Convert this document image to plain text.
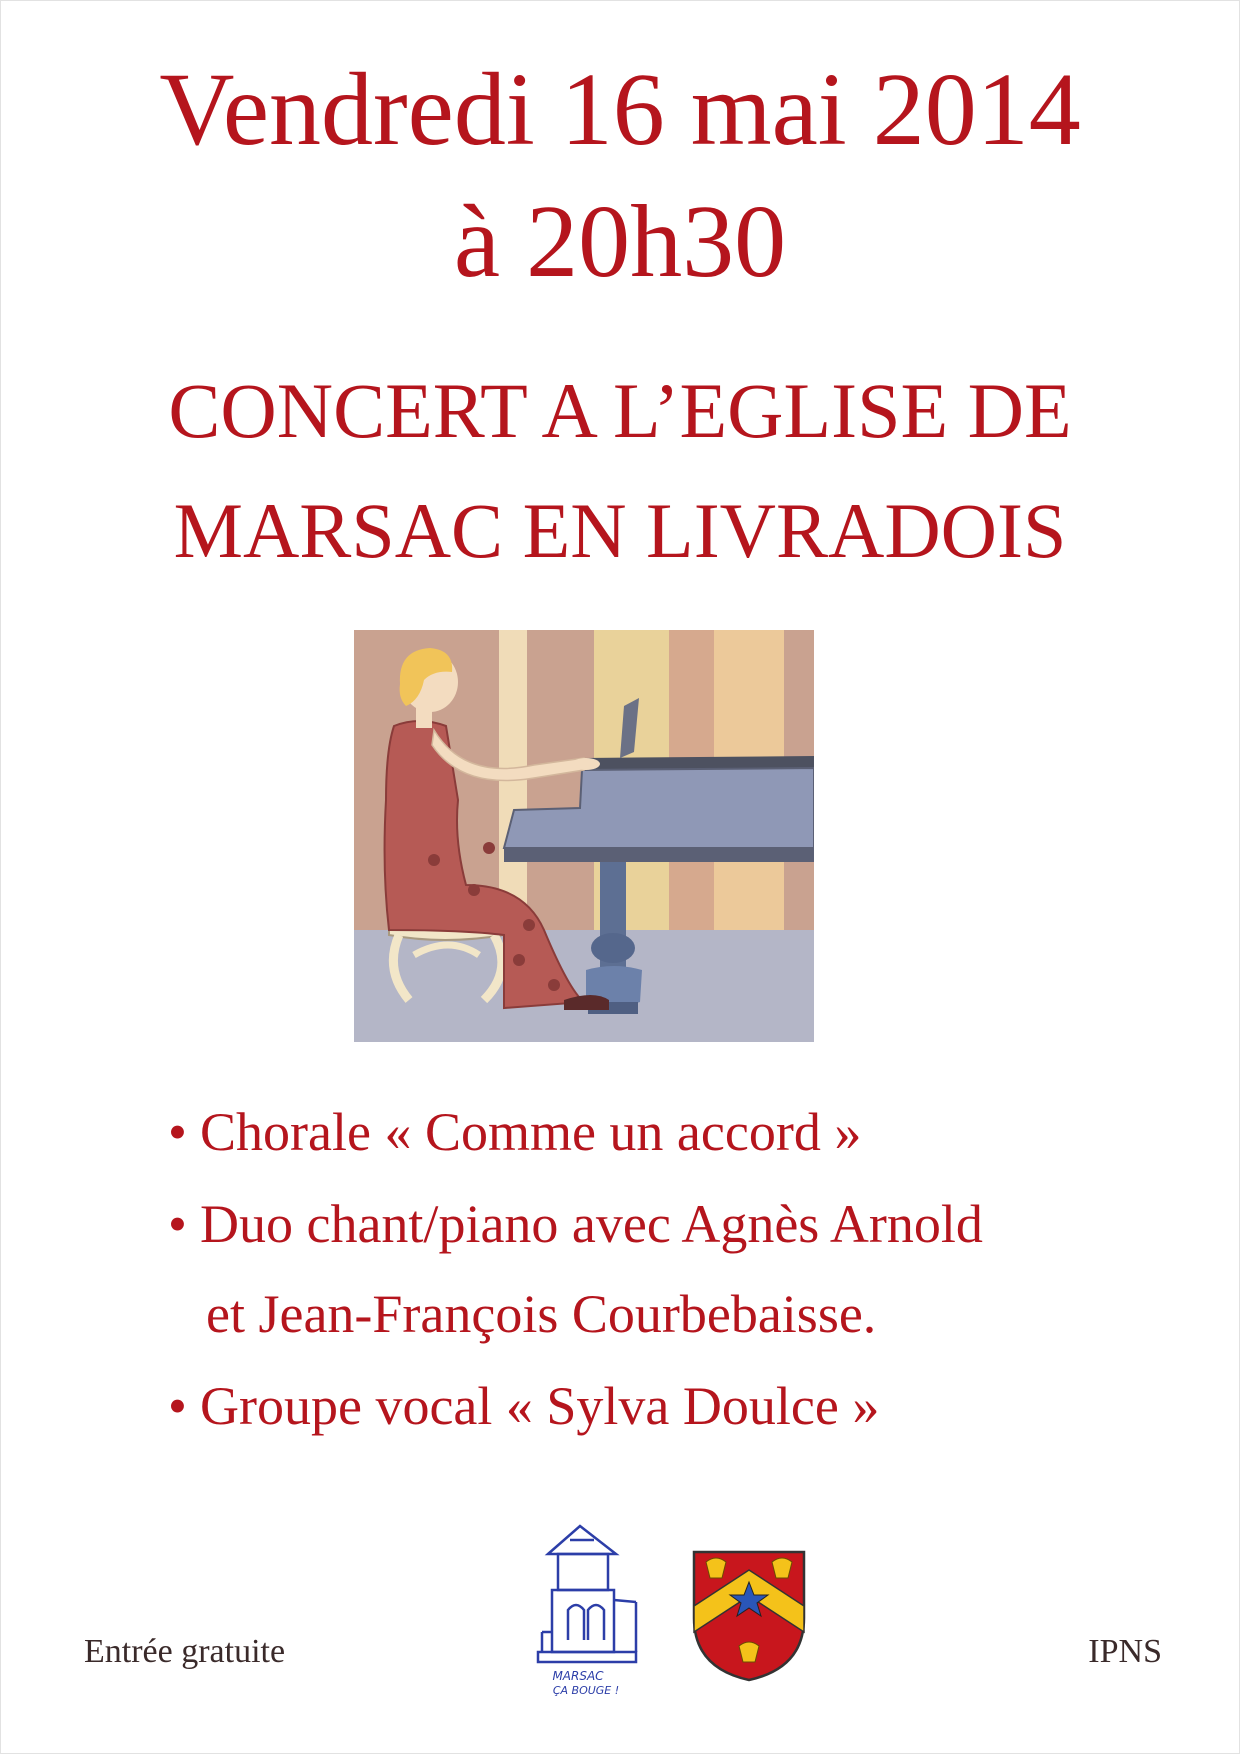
Vendredi 16 mai 2014
à 20h30
CONCERT A L’EGLISE DE
MARSAC EN LIVRADOIS
• Chorale « Comme un accord »
• Duo chant/piano avec Agnès Arnold
et Jean-François Courbebaisse.
• Groupe vocal « Sylva Doulce »
MARSAC
ÇA BOUGE !
Entrée gratuite	IPNS
